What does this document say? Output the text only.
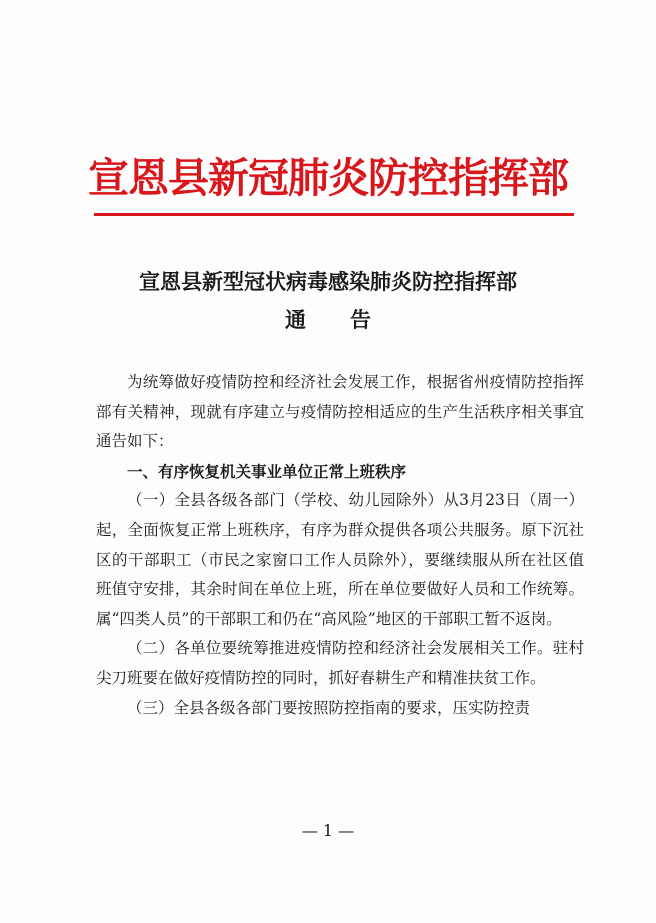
宣恩县新冠肺炎防控指挥部
宣恩县新型冠状病毒感染肺炎防控指挥部
通告

为统筹做好疫情防控和经济社会发展工作，根据省州疫情防控指挥部有关精神，现就有序建立与疫情防控相适应的生产生活秩序相关事宜通告如下：

一、有序恢复机关事业单位正常上班秩序

（一）全县各级各部门（学校、幼儿园除外）从3月23日（周一）起，全面恢复正常上班秩序，有序为群众提供各项公共服务。原下沉社区的干部职工（市民之家窗口工作人员除外），要继续服从所在社区值班值守安排，其余时间在单位上班，所在单位要做好人员和工作统筹。属“四类人员”的干部职工和仍在“高风险”地区的干部职工暂不返岗。

（二）各单位要统筹推进疫情防控和经济社会发展相关工作。驻村尖刀班要在做好疫情防控的同时，抓好春耕生产和精准扶贫工作。

（三）全县各级各部门要按照防控指南的要求，压实防控责

— 1 —
